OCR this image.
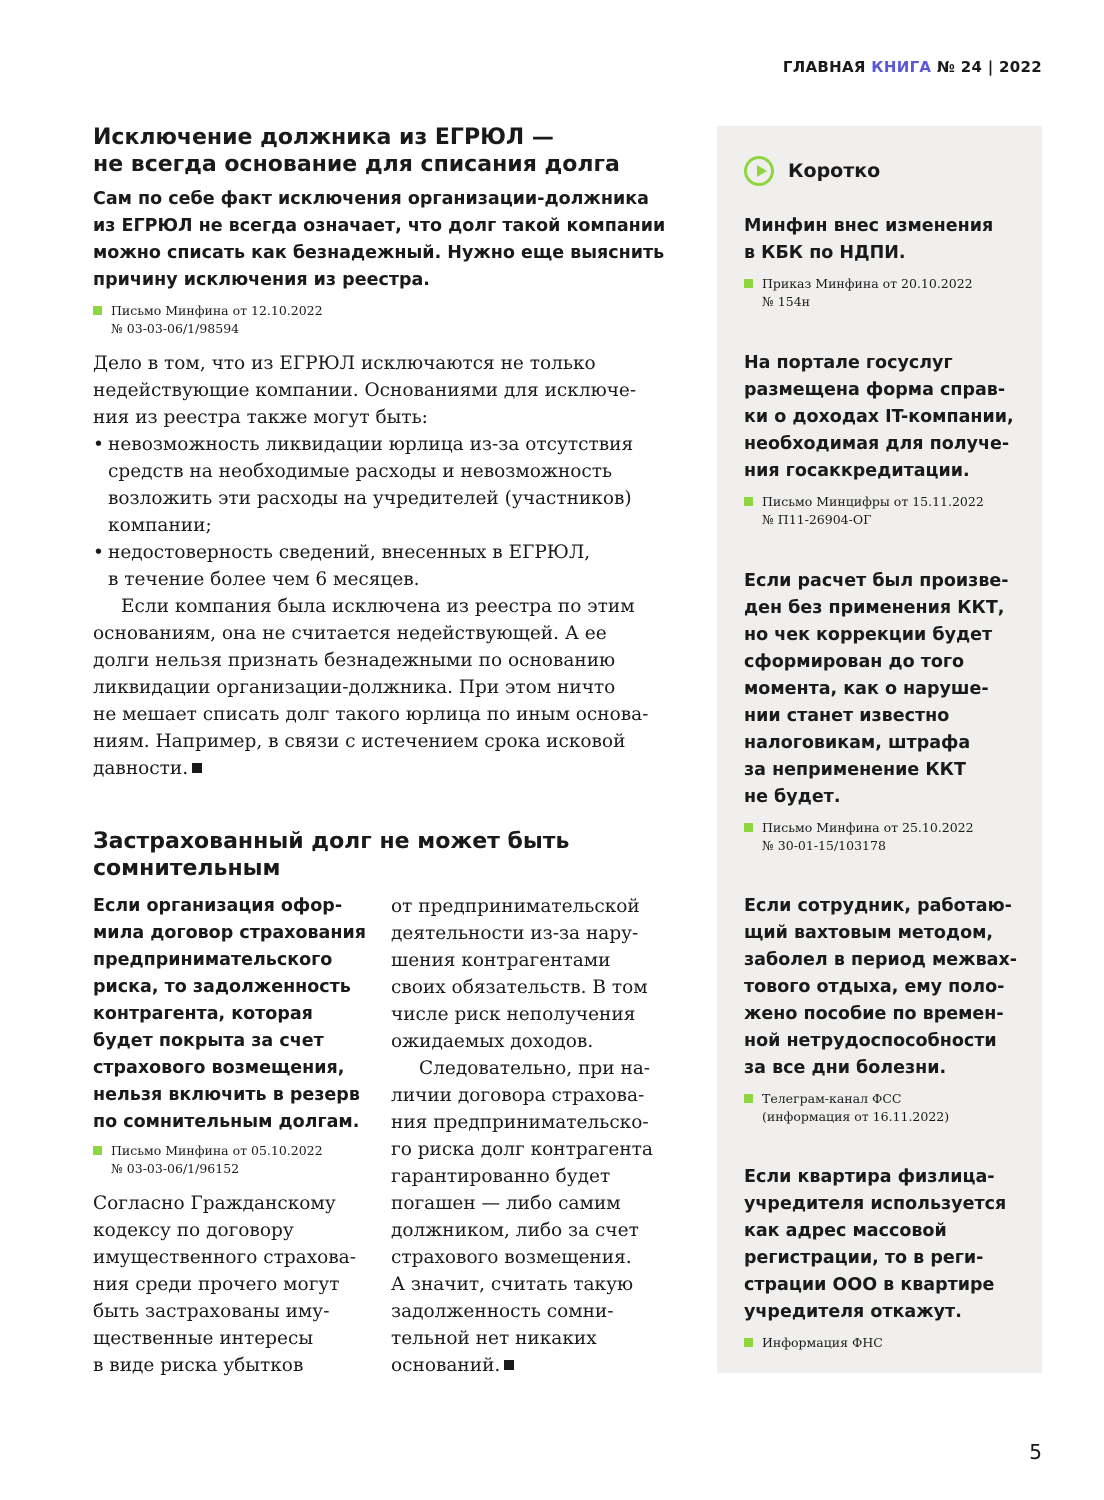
ГЛАВНАЯ КНИГА № 24 | 2022
Исключение должника из ЕГРЮЛ —
не всегда основание для списания долга
Сам по себе факт исключения организации-должника
из ЕГРЮЛ не всегда означает, что долг такой компании
можно списать как безнадежный. Нужно еще выяснить
причину исключения из реестра.
Письмо Минфина от 12.10.2022
№ 03-03-06/1/98594
Дело в том, что из ЕГРЮЛ исключаются не только
недействующие компании. Основаниями для исключе-
ния из реестра также могут быть:
• невозможность ликвидации юрлица из-за отсутствия
средств на необходимые расходы и невозможность
возложить эти расходы на учредителей (участников)
компании;
• недостоверность сведений, внесенных в ЕГРЮЛ,
в течение более чем 6 месяцев.
Если компания была исключена из реестра по этим
основаниям, она не считается недействующей. А ее
долги нельзя признать безнадежными по основанию
ликвидации организации-должника. При этом ничто
не мешает списать долг такого юрлица по иным основа-
ниям. Например, в связи с истечением срока исковой
давности.
Застрахованный долг не может быть
сомнительным
Если организация офор-
мила договор страхования
предпринимательского
риска, то задолженность
контрагента, которая
будет покрыта за счет
страхового возмещения,
нельзя включить в резерв
по сомнительным долгам.
Письмо Минфина от 05.10.2022
№ 03-03-06/1/96152
Согласно Гражданскому
кодексу по договору
имущественного страхова-
ния среди прочего могут
быть застрахованы иму-
щественные интересы
в виде риска убытков
от предпринимательской
деятельности из-за нару-
шения контрагентами
своих обязательств. В том
числе риск неполучения
ожидаемых доходов.
Следовательно, при на-
личии договора страхова-
ния предпринимательско-
го риска долг контрагента
гарантированно будет
погашен — либо самим
должником, либо за счет
страхового возмещения.
А значит, считать такую
задолженность сомни-
тельной нет никаких
оснований.
Коротко
Минфин внес изменения
в КБК по НДПИ.
Приказ Минфина от 20.10.2022
№ 154н
На портале госуслуг
размещена форма справ-
ки о доходах IT-компании,
необходимая для получе-
ния госаккредитации.
Письмо Минцифры от 15.11.2022
№ П11-26904-ОГ
Если расчет был произве-
ден без применения ККТ,
но чек коррекции будет
сформирован до того
момента, как о наруше-
нии станет известно
налоговикам, штрафа
за неприменение ККТ
не будет.
Письмо Минфина от 25.10.2022
№ 30-01-15/103178
Если сотрудник, работаю-
щий вахтовым методом,
заболел в период межвах-
тового отдыха, ему поло-
жено пособие по времен-
ной нетрудоспособности
за все дни болезни.
Телеграм-канал ФСС
(информация от 16.11.2022)
Если квартира физлица-
учредителя используется
как адрес массовой
регистрации, то в реги-
страции ООО в квартире
учредителя откажут.
Информация ФНС
5
